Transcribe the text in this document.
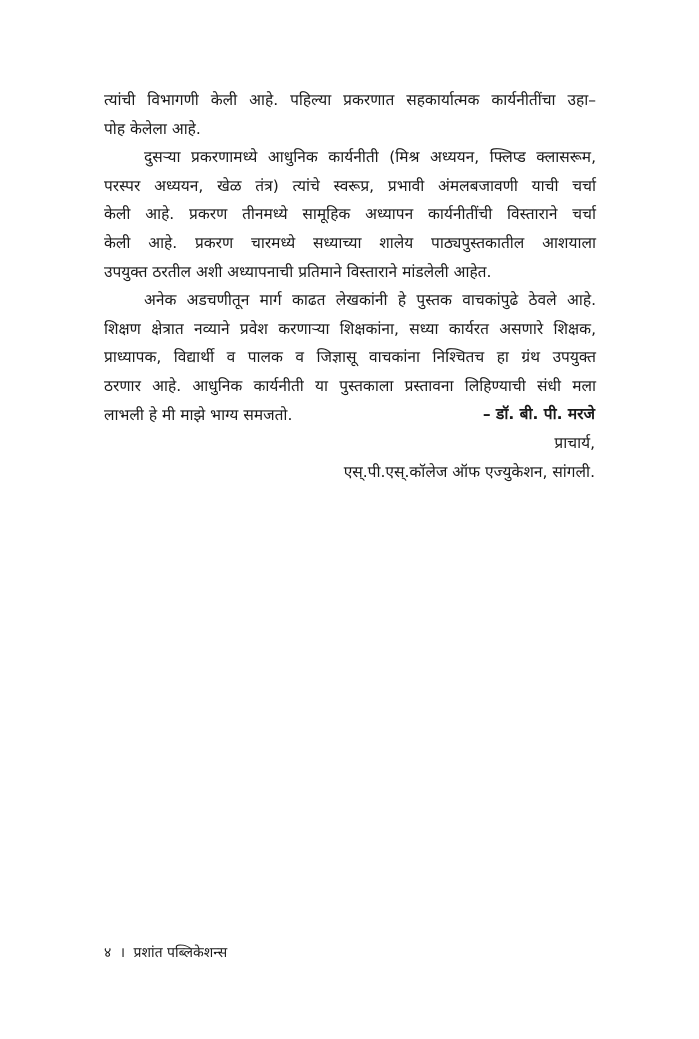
त्यांची विभागणी केली आहे. पहिल्या प्रकरणात सहकार्यात्मक कार्यनीतींचा उहा–
पोह केलेला आहे.

दुसऱ्या प्रकरणामध्ये आधुनिक कार्यनीती (मिश्र अध्ययन, फ्लिप्ड क्लासरूम,
परस्पर अध्ययन, खेळ तंत्र) त्यांचे स्वरूप्र, प्रभावी अंमलबजावणी याची चर्चा
केली आहे. प्रकरण तीनमध्ये सामूहिक अध्यापन कार्यनीतींची विस्ताराने चर्चा
केली आहे. प्रकरण चारमध्ये सध्याच्या शालेय पाठ्यपुस्तकातील आशयाला
उपयुक्त ठरतील अशी अध्यापनाची प्रतिमाने विस्ताराने मांडलेली आहेत.

अनेक अडचणीतून मार्ग काढत लेखकांनी हे पुस्तक वाचकांपुढे ठेवले आहे.
शिक्षण क्षेत्रात नव्याने प्रवेश करणाऱ्या शिक्षकांना, सध्या कार्यरत असणारे शिक्षक,
प्राध्यापक, विद्यार्थी व पालक व जिज्ञासू वाचकांना निश्चितच हा ग्रंथ उपयुक्त
ठरणार आहे. आधुनिक कार्यनीती या पुस्तकाला प्रस्तावना लिहिण्याची संधी मला
लाभली हे मी माझे भाग्य समजतो.	– डॉ. बी. पी. मरजे
प्राचार्य,
एस्.पी.एस्.कॉलेज ऑफ एज्युकेशन, सांगली.
४ । प्रशांत पब्लिकेशन्स
